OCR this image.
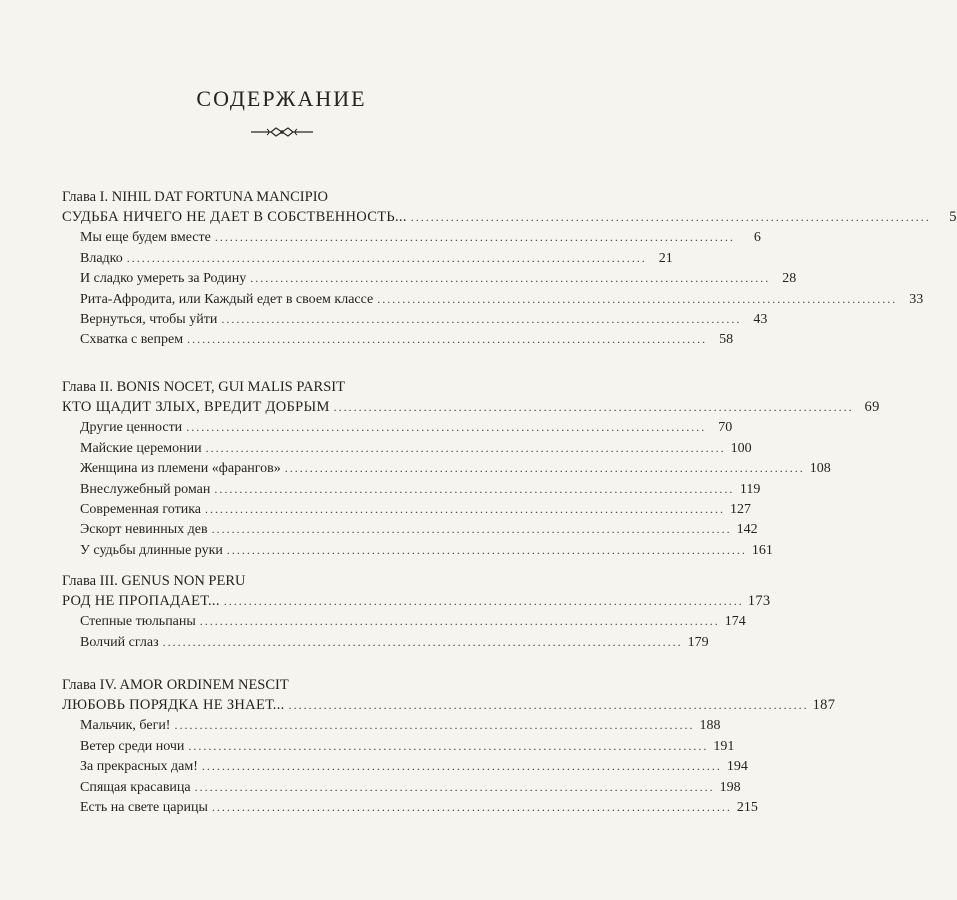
СОДЕРЖАНИЕ
Глава I. NIHIL DAT FORTUNA MANCIPIO
СУДЬБА НИЧЕГО НЕ ДАЕТ В СОБСТВЕННОСТЬ... ........................................................................................................	5
Мы еще будем вместе ........................................................................................................	6
Владко ........................................................................................................ 21
И сладко умереть за Родину ........................................................................................................ 28
Рита-Афродита, или Каждый едет в своем классе ........................................................................................................ 33
Вернуться, чтобы уйти ........................................................................................................ 43
Схватка с вепрем ........................................................................................................ 58
Глава II. BONIS NOCET, GUI MALIS PARSIT
КТО ЩАДИТ ЗЛЫХ, ВРЕДИТ ДОБРЫМ ........................................................................................................ 69
Другие ценности ........................................................................................................ 70
Майские церемонии ........................................................................................................ 100
Женщина из племени «фарангов» ........................................................................................................ 108
Внеслужебный роман ........................................................................................................ 119
Современная готика ........................................................................................................ 127
Эскорт невинных дев ........................................................................................................ 142
У судьбы длинные руки ........................................................................................................ 161
Глава III. GENUS NON PERU
РОД НЕ ПРОПАДАЕТ... ........................................................................................................ 173
Степные тюльпаны ........................................................................................................ 174
Волчий сглаз ........................................................................................................ 179
Глава IV. AMOR ORDINEM NESCIT
ЛЮБОВЬ ПОРЯДКА НЕ ЗНАЕТ... ........................................................................................................ 187
Мальчик, беги! ........................................................................................................ 188
Ветер среди ночи ........................................................................................................ 191
За прекрасных дам! ........................................................................................................ 194
Спящая красавица ........................................................................................................ 198
Есть на свете царицы ........................................................................................................ 215
